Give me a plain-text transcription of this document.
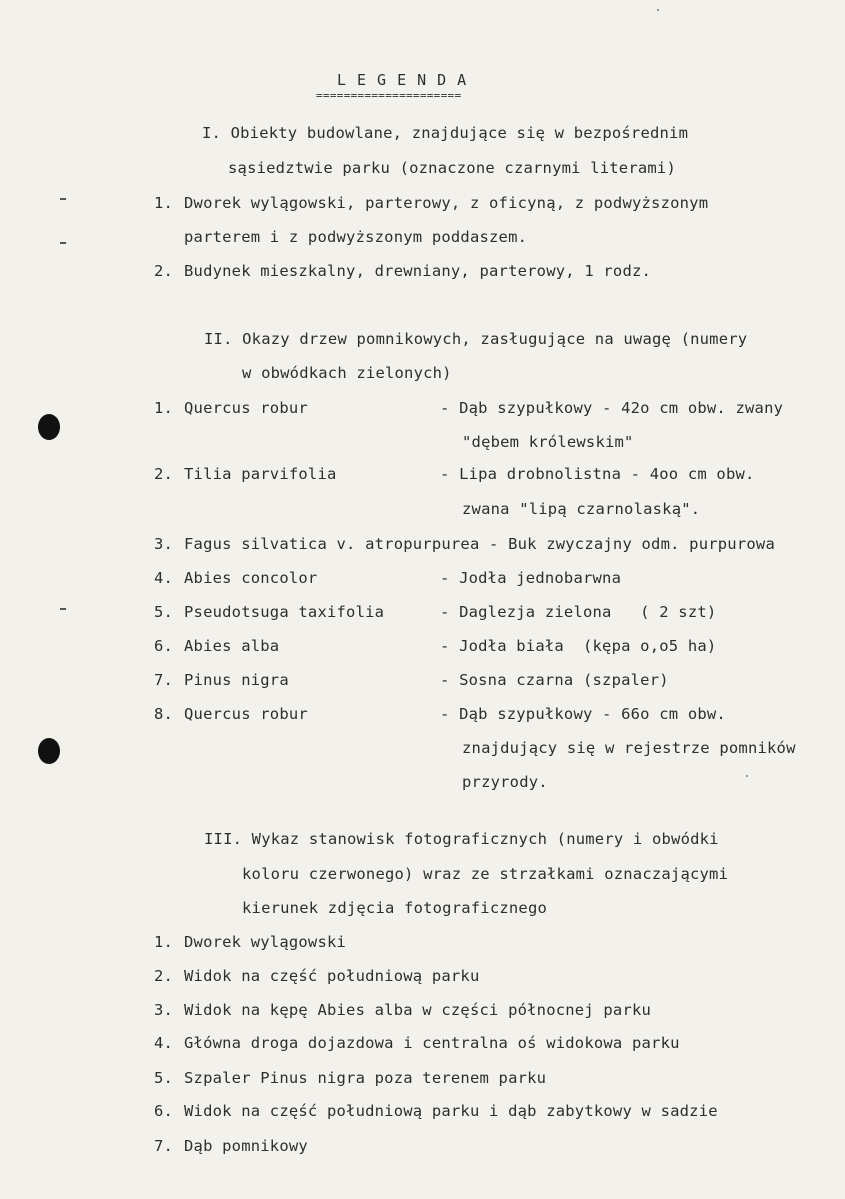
LEGENDA
=====================
I. Obiekty budowlane, znajdujące się w bezpośrednim
sąsiedztwie parku (oznaczone czarnymi literami)
1. Dworek wylągowski, parterowy, z oficyną, z podwyższonym
parterem i z podwyższonym poddaszem.
2. Budynek mieszkalny, drewniany, parterowy, 1 rodz.
II. Okazy drzew pomnikowych, zasługujące na uwagę (numery
w obwódkach zielonych)
1. Quercus robur	- Dąb szypułkowy - 42o cm obw. zwany
"dębem królewskim"
2. Tilia parvifolia	- Lipa drobnolistna - 4oo cm obw.
zwana "lipą czarnolaską".
3. Fagus silvatica v. atropurpurea - Buk zwyczajny odm. purpurowa
4. Abies concolor	- Jodła jednobarwna
5. Pseudotsuga taxifolia	- Daglezja zielona   ( 2 szt)
6. Abies alba	- Jodła biała  (kępa o,o5 ha)
7. Pinus nigra	- Sosna czarna (szpaler)
8. Quercus robur	- Dąb szypułkowy - 66o cm obw.
znajdujący się w rejestrze pomników
przyrody.
III. Wykaz stanowisk fotograficznych (numery i obwódki
koloru czerwonego) wraz ze strzałkami oznaczającymi
kierunek zdjęcia fotograficznego
1. Dworek wylągowski
2. Widok na część południową parku
3. Widok na kępę Abies alba w części północnej parku
4. Główna droga dojazdowa i centralna oś widokowa parku
5. Szpaler Pinus nigra poza terenem parku
6. Widok na część południową parku i dąb zabytkowy w sadzie
7. Dąb pomnikowy
